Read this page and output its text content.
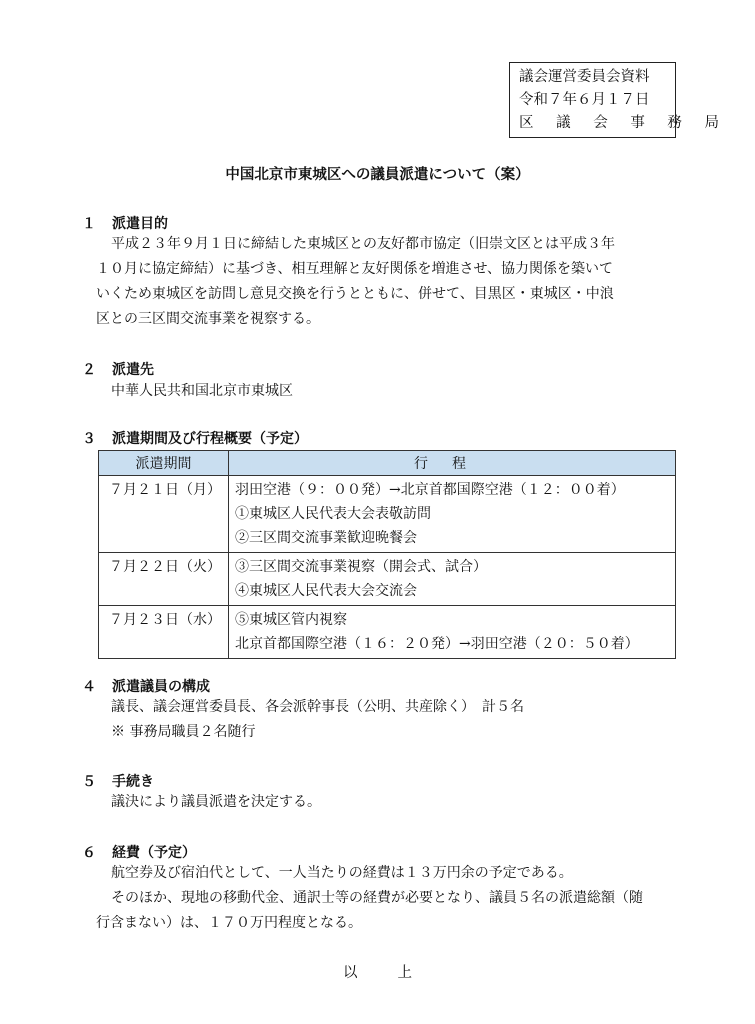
議会運営委員会資料
令和７年６月１７日
区 議 会 事 務 局
中国北京市東城区への議員派遣について（案）
１ 派遣目的
平成２３年９月１日に締結した東城区との友好都市協定（旧崇文区とは平成３年
１０月に協定締結）に基づき、相互理解と友好関係を増進させ、協力関係を築いて
いくため東城区を訪問し意見交換を行うとともに、併せて、目黒区・東城区・中浪
区との三区間交流事業を視察する。
２ 派遣先
中華人民共和国北京市東城区
３ 派遣期間及び行程概要（予定）
派遣期間	行程
７月２１日（月）	羽田空港（９：００発）→北京首都国際空港（１２：００着）
①東城区人民代表大会表敬訪問
②三区間交流事業歓迎晩餐会

７月２２日（火）	③三区間交流事業視察（開会式、試合）
④東城区人民代表大会交流会

７月２３日（水）	⑤東城区管内視察
北京首都国際空港（１６：２０発）→羽田空港（２０：５０着）
４ 派遣議員の構成
議長、議会運営委員長、各会派幹事長（公明、共産除く）　計５名
※ 事務局職員２名随行
５ 手続き
議決により議員派遣を決定する。
６ 経費（予定）
航空券及び宿泊代として、一人当たりの経費は１３万円余の予定である。
そのほか、現地の移動代金、通訳士等の経費が必要となり、議員５名の派遣総額（随
行含まない）は、１７０万円程度となる。
以上
